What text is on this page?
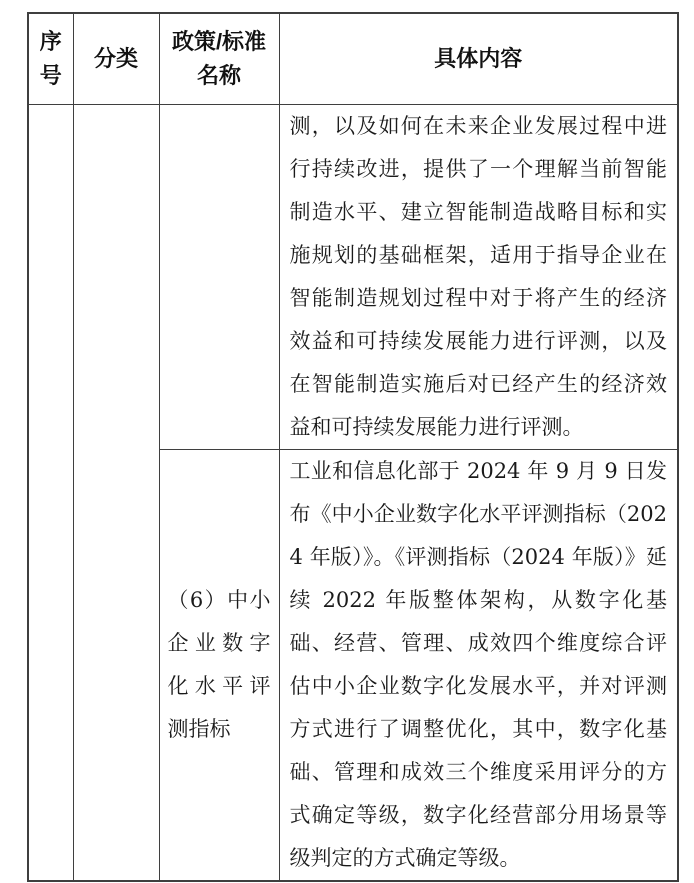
序号	分类	政策/标准名称	具体内容
			测，以及如何在未来企业发展过程中进行持续改进，提供了一个理解当前智能制造水平、建立智能制造战略目标和实施规划的基础框架，适用于指导企业在智能制造规划过程中对于将产生的经济效益和可持续发展能力进行评测，以及在智能制造实施后对已经产生的经济效益和可持续发展能力进行评测。
		（6）中小企业数字化水平评测指标	工业和信息化部于 2024 年 9 月 9 日发布《中小企业数字化水平评测指标（2024 年版）》。《评测指标（2024 年版）》延续 2022 年版整体架构，从数字化基础、经营、管理、成效四个维度综合评估中小企业数字化发展水平，并对评测方式进行了调整优化，其中，数字化基础、管理和成效三个维度采用评分的方式确定等级，数字化经营部分用场景等级判定的方式确定等级。
